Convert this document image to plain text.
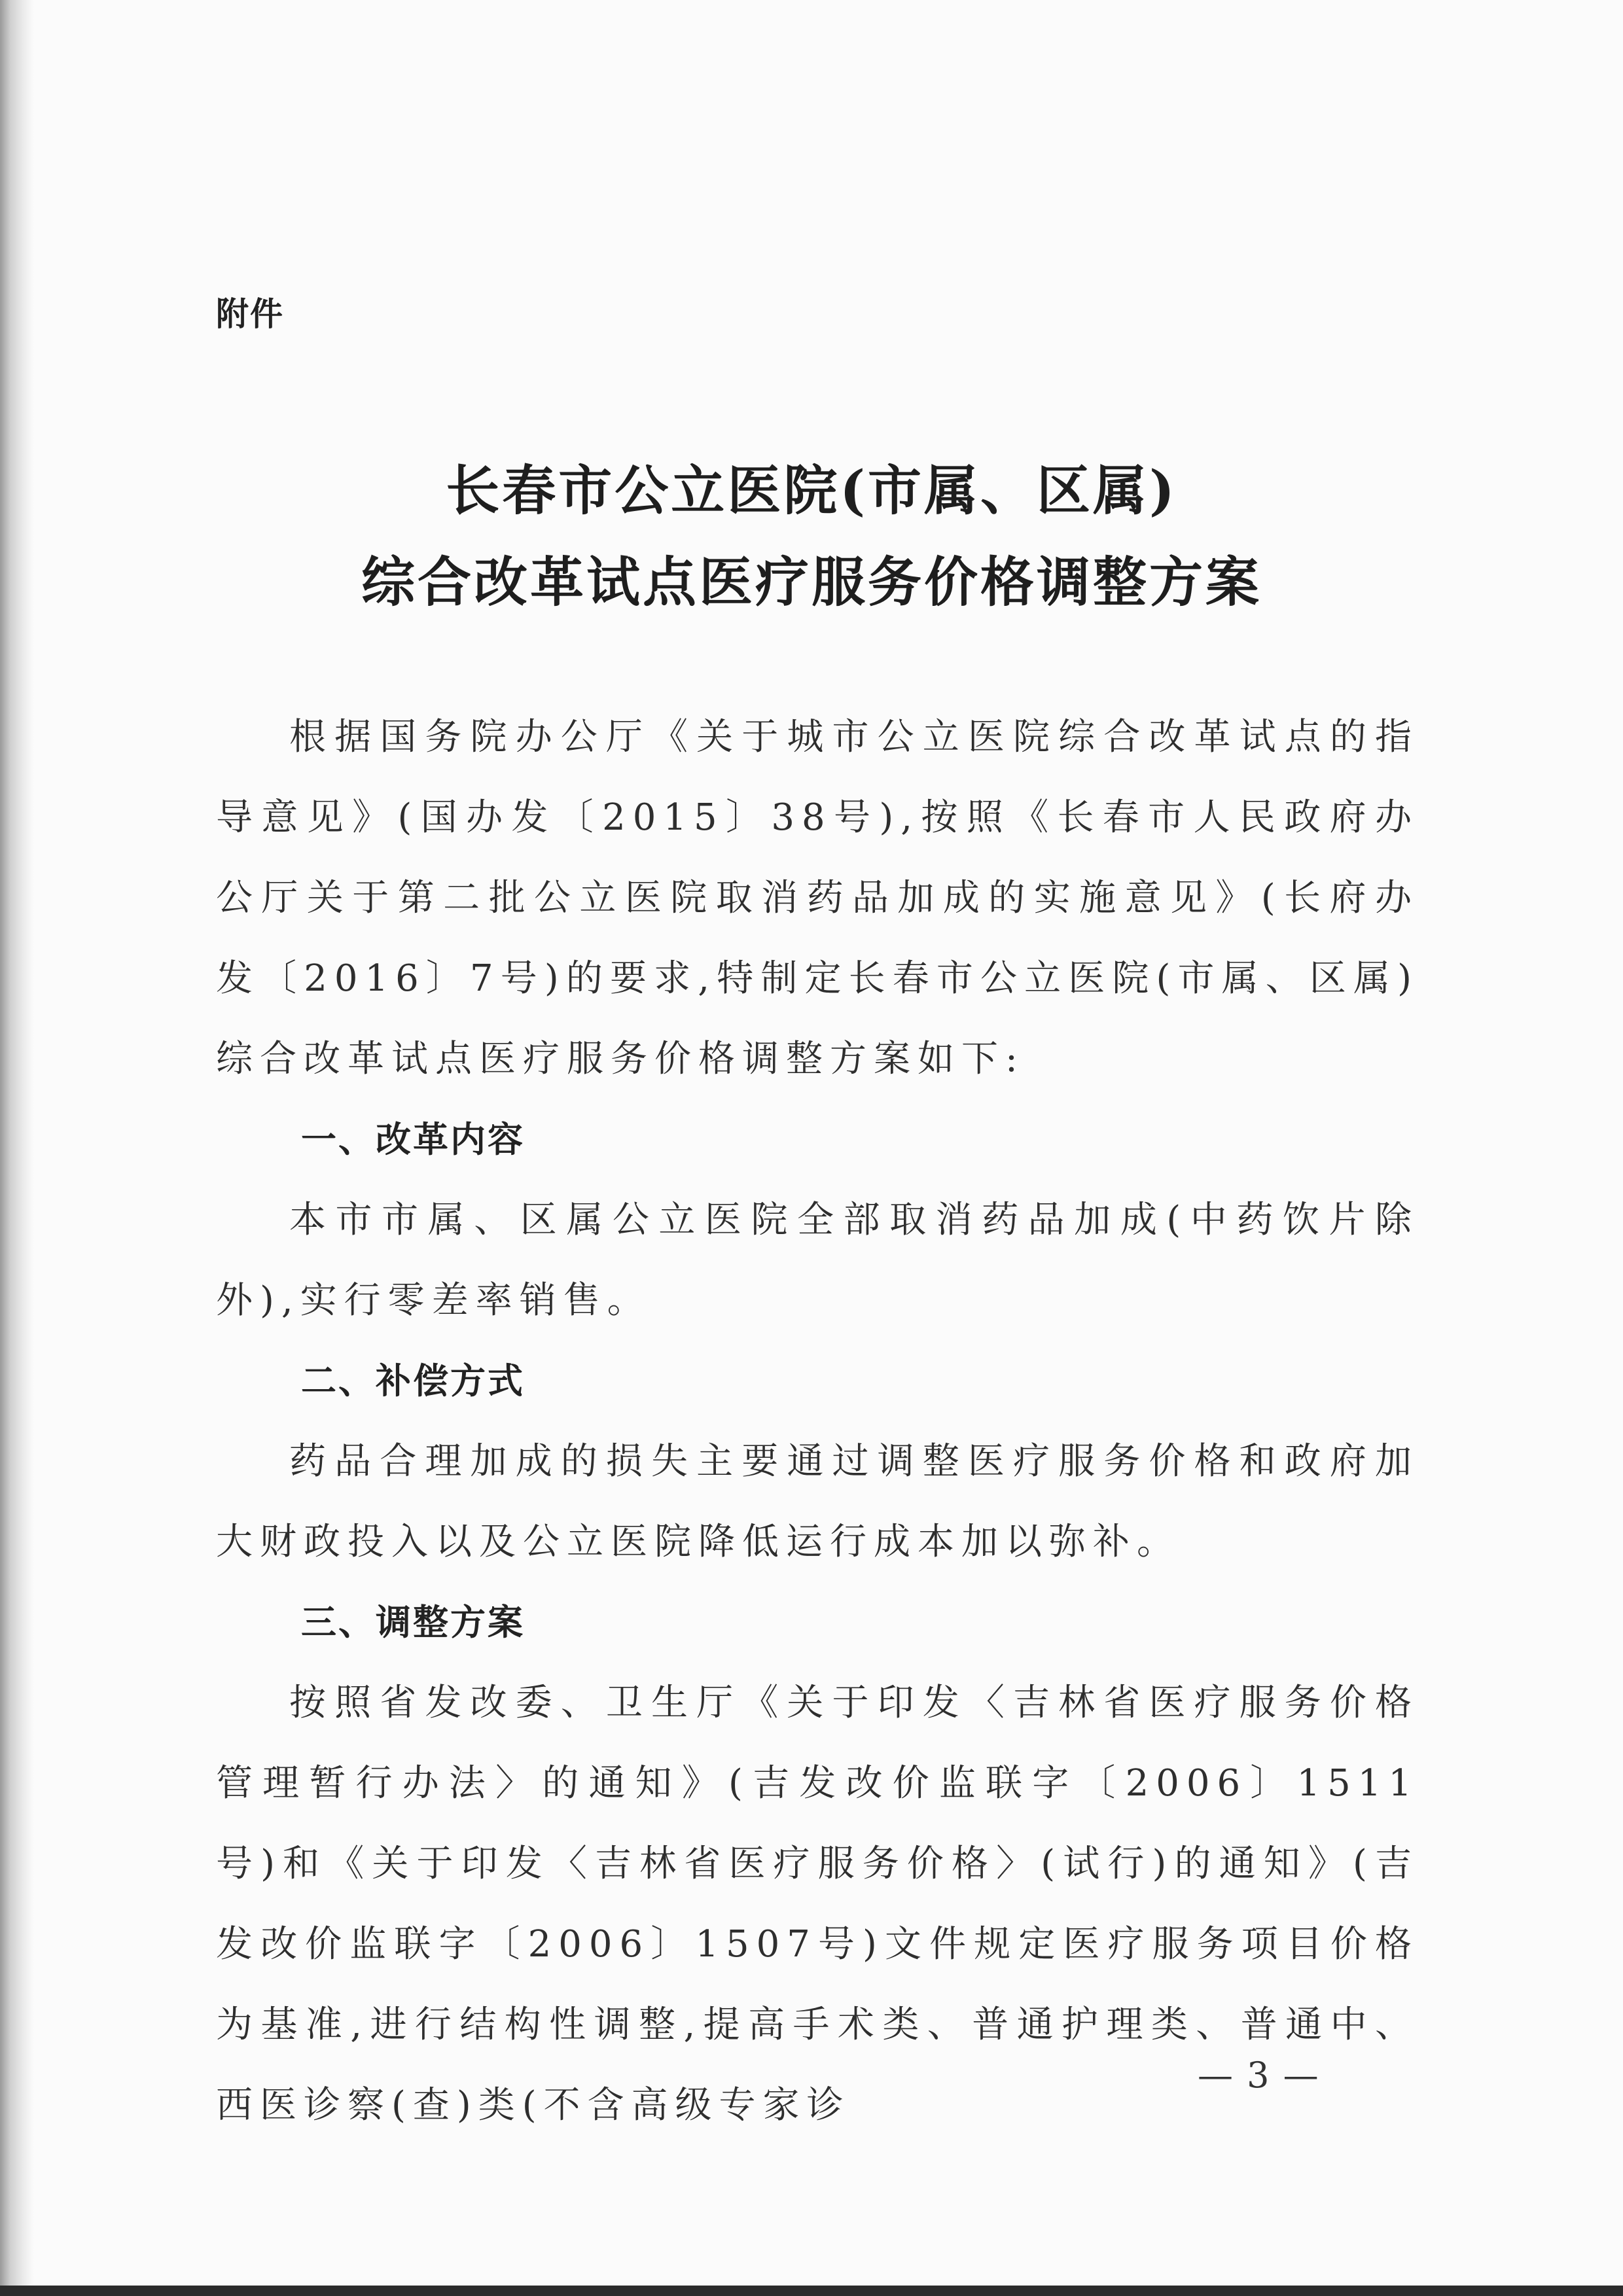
附件
长春市公立医院(市属、区属)
综合改革试点医疗服务价格调整方案

根据国务院办公厅《关于城市公立医院综合改革试点的指导意见》(国办发〔2015〕38号),按照《长春市人民政府办公厅关于第二批公立医院取消药品加成的实施意见》(长府办发〔2016〕7号)的要求,特制定长春市公立医院(市属、区属)综合改革试点医疗服务价格调整方案如下:

一、改革内容

本市市属、区属公立医院全部取消药品加成(中药饮片除外),实行零差率销售。

二、补偿方式

药品合理加成的损失主要通过调整医疗服务价格和政府加大财政投入以及公立医院降低运行成本加以弥补。

三、调整方案

按照省发改委、卫生厅《关于印发〈吉林省医疗服务价格管理暂行办法〉的通知》(吉发改价监联字〔2006〕1511号)和《关于印发〈吉林省医疗服务价格〉(试行)的通知》(吉发改价监联字〔2006〕1507号)文件规定医疗服务项目价格为基准,进行结构性调整,提高手术类、普通护理类、普通中、西医诊察(查)类(不含高级专家诊

— 3 —
